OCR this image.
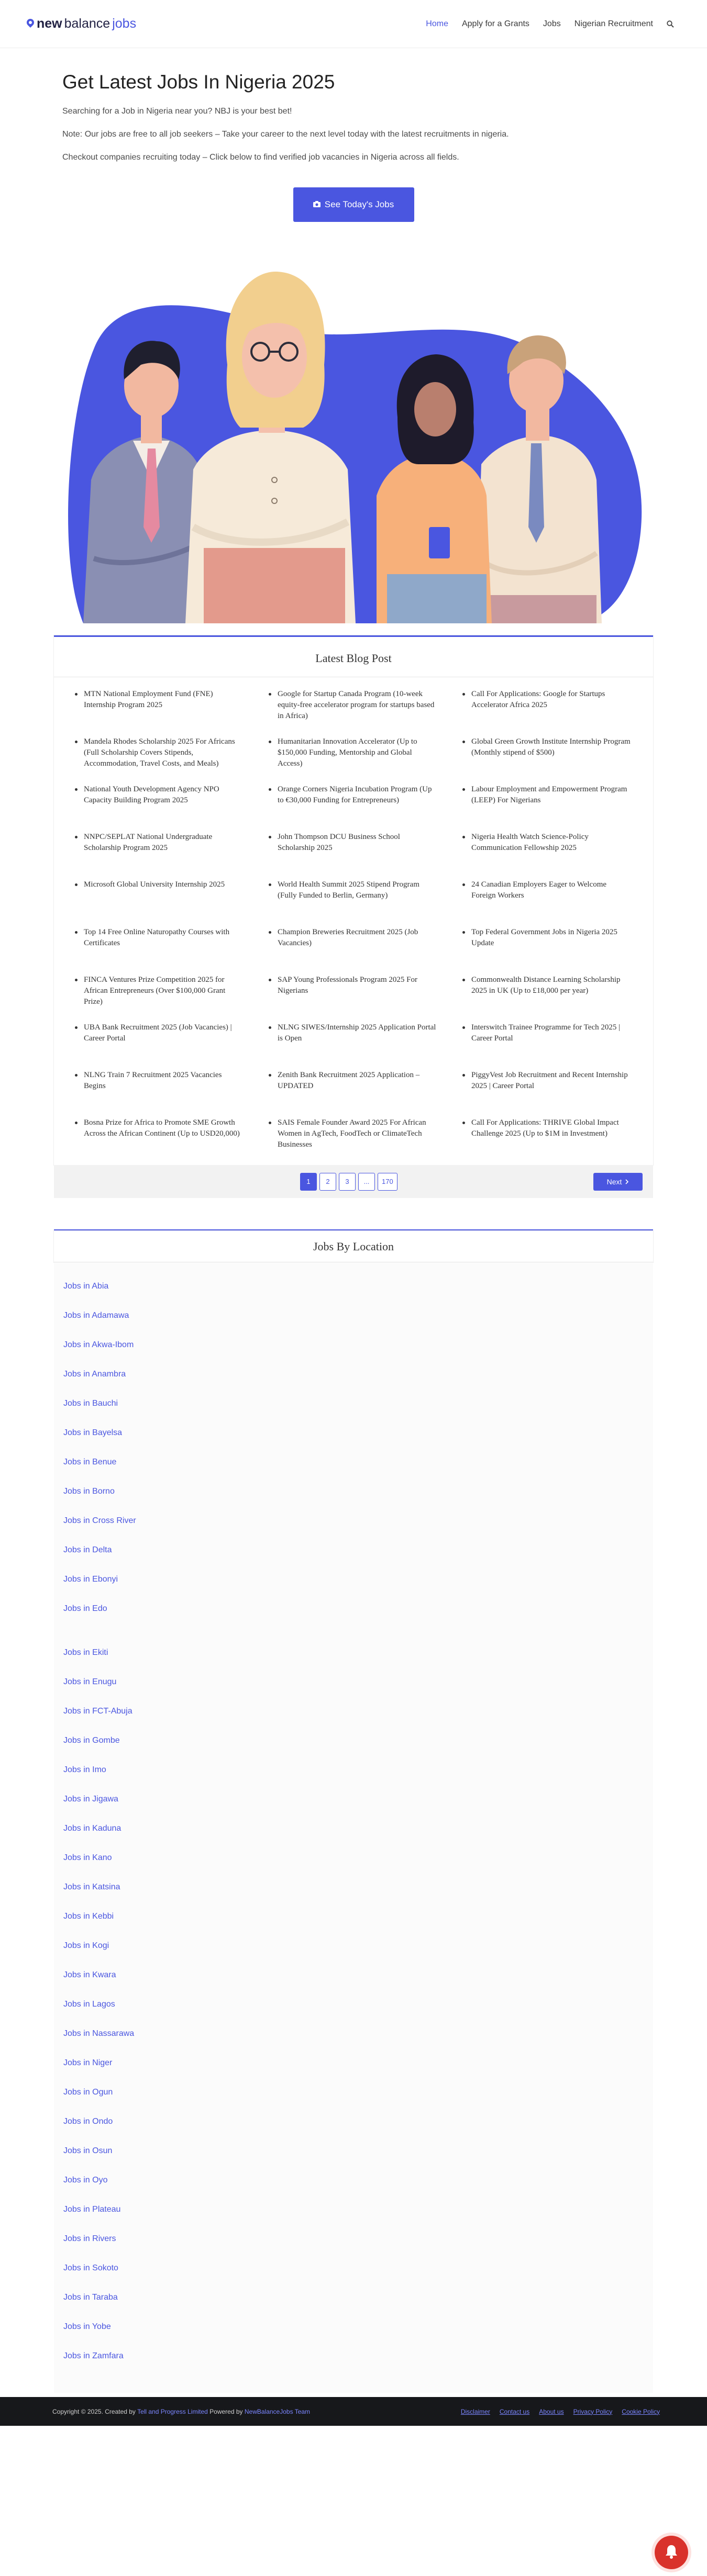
new balance jobs	Home	Apply for a Grants	Jobs	Nigerian Recruitment
Get Latest Jobs In Nigeria 2025

Searching for a Job in Nigeria near you? NBJ is your best bet!

Note: Our jobs are free to all job seekers – Take your career to the next level today with the latest recruitments in nigeria.

Checkout companies recruiting today – Click below to find verified job vacancies in Nigeria across all fields.

See Today's Jobs
Latest Blog Post
MTN National Employment Fund (FNE) Internship Program 2025
Google for Startup Canada Program (10-week equity-free accelerator program for startups based in Africa)
Call For Applications: Google for Startups Accelerator Africa 2025
Mandela Rhodes Scholarship 2025 For Africans (Full Scholarship Covers Stipends, Accommodation, Travel Costs, and Meals)
Humanitarian Innovation Accelerator (Up to $150,000 Funding, Mentorship and Global Access)
Global Green Growth Institute Internship Program (Monthly stipend of $500)
National Youth Development Agency NPO Capacity Building Program 2025
Orange Corners Nigeria Incubation Program (Up to €30,000 Funding for Entrepreneurs)
Labour Employment and Empowerment Program (LEEP) For Nigerians
NNPC/SEPLAT National Undergraduate Scholarship Program 2025
John Thompson DCU Business School Scholarship 2025
Nigeria Health Watch Science-Policy Communication Fellowship 2025
Microsoft Global University Internship 2025	World Health Summit 2025 Stipend Program (Fully Funded to Berlin, Germany)
24 Canadian Employers Eager to Welcome Foreign Workers
Top 14 Free Online Naturopathy Courses with Certificates
Champion Breweries Recruitment 2025 (Job Vacancies)
Top Federal Government Jobs in Nigeria 2025 Update
FINCA Ventures Prize Competition 2025 for African Entrepreneurs (Over $100,000 Grant Prize)
SAP Young Professionals Program 2025 For Nigerians
Commonwealth Distance Learning Scholarship 2025 in UK (Up to £18,000 per year)
UBA Bank Recruitment 2025 (Job Vacancies) | Career Portal
NLNG SIWES/Internship 2025 Application Portal is Open
Interswitch Trainee Programme for Tech 2025 | Career Portal
NLNG Train 7 Recruitment 2025 Vacancies Begins
Zenith Bank Recruitment 2025 Application – UPDATED
PiggyVest Job Recruitment and Recent Internship 2025 | Career Portal
Bosna Prize for Africa to Promote SME Growth Across the African Continent (Up to USD20,000)
SAIS Female Founder Award 2025 For African Women in AgTech, FoodTech or ClimateTech Businesses
Call For Applications: THRIVE Global Impact Challenge 2025 (Up to $1M in Investment)
1	2	3	...	170	Next
Jobs By Location
Jobs in Abia
Jobs in Adamawa
Jobs in Akwa-Ibom
Jobs in Anambra
Jobs in Bauchi
Jobs in Bayelsa
Jobs in Benue
Jobs in Borno
Jobs in Cross River
Jobs in Delta
Jobs in Ebonyi
Jobs in Edo
Jobs in Ekiti
Jobs in Enugu
Jobs in FCT-Abuja
Jobs in Gombe
Jobs in Imo
Jobs in Jigawa
Jobs in Kaduna
Jobs in Kano
Jobs in Katsina
Jobs in Kebbi
Jobs in Kogi
Jobs in Kwara
Jobs in Lagos
Jobs in Nassarawa
Jobs in Niger
Jobs in Ogun
Jobs in Ondo
Jobs in Osun
Jobs in Oyo
Jobs in Plateau
Jobs in Rivers
Jobs in Sokoto
Jobs in Taraba
Jobs in Yobe
Jobs in Zamfara
Copyright © 2025. Created by Tell and Progress Limited Powered by NewBalanceJobs Team	Disclaimer Contact us About us Privacy Policy Cookie Policy
